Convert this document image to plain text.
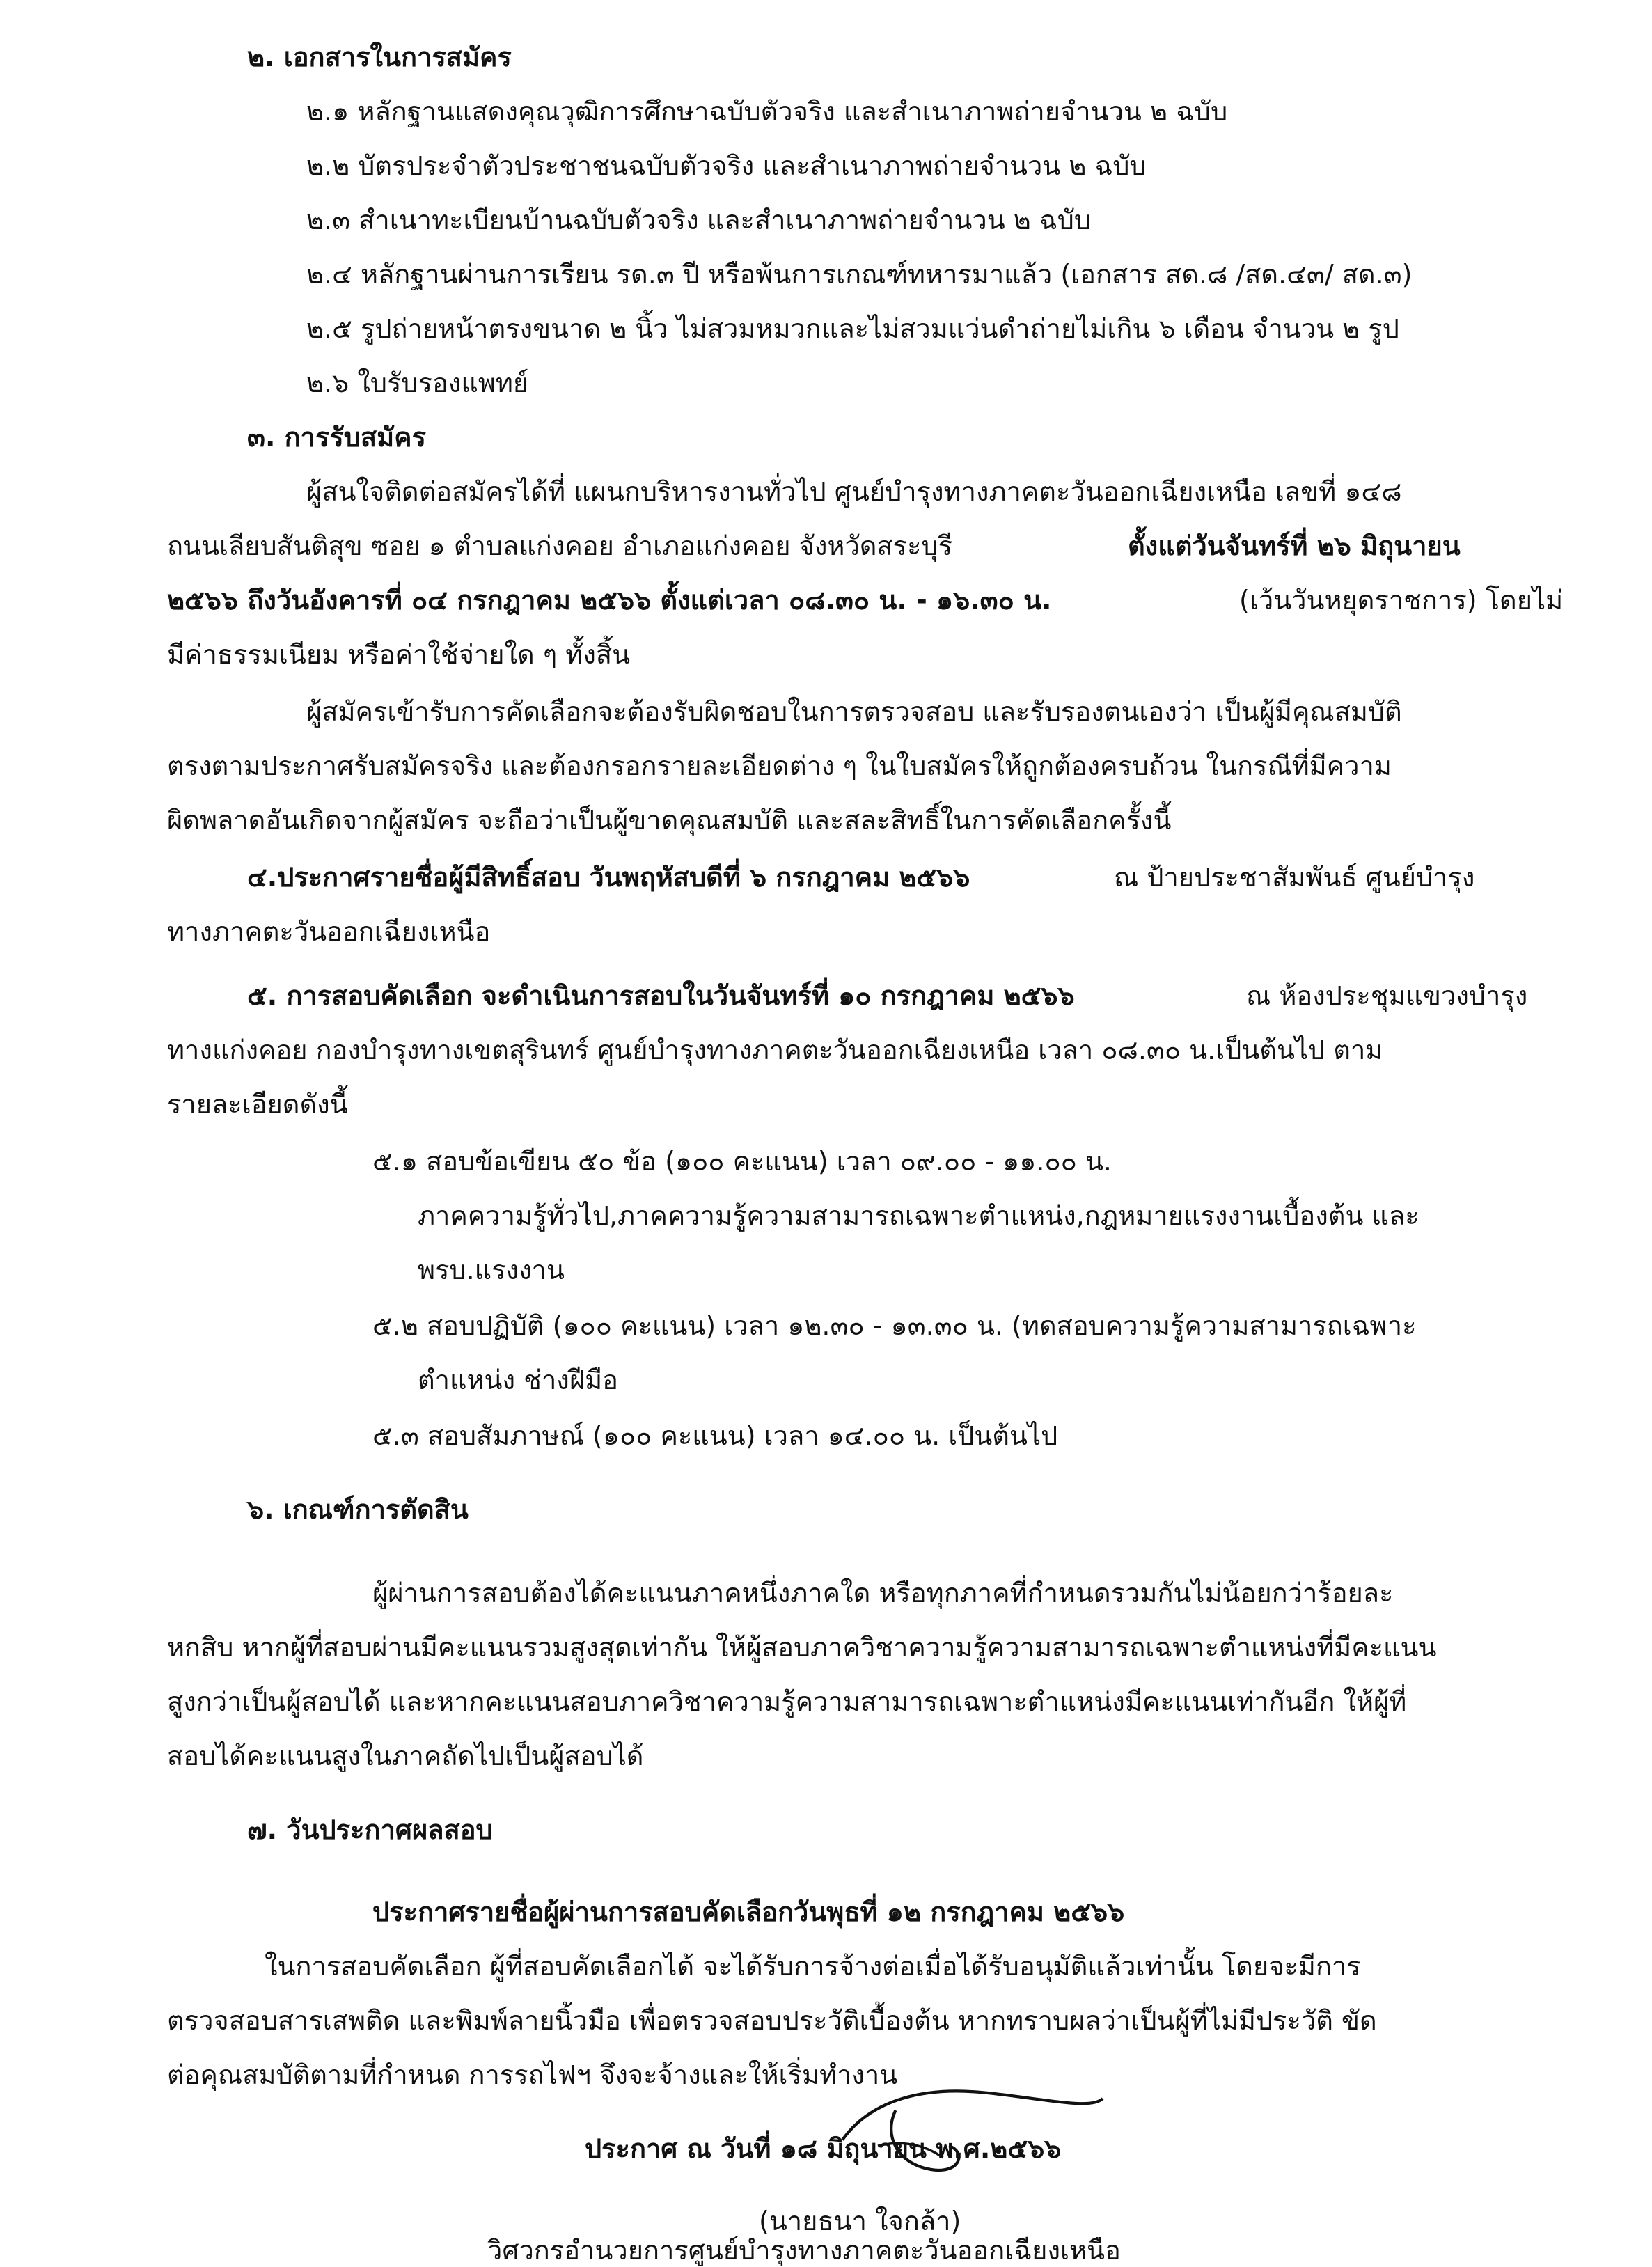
๒. เอกสารในการสมัคร
๒.๑ หลักฐานแสดงคุณวุฒิการศึกษาฉบับตัวจริง และสำเนาภาพถ่ายจำนวน ๒ ฉบับ
๒.๒ บัตรประจำตัวประชาชนฉบับตัวจริง และสำเนาภาพถ่ายจำนวน ๒ ฉบับ
๒.๓ สำเนาทะเบียนบ้านฉบับตัวจริง และสำเนาภาพถ่ายจำนวน ๒ ฉบับ
๒.๔ หลักฐานผ่านการเรียน รด.๓ ปี หรือพ้นการเกณฑ์ทหารมาแล้ว (เอกสาร สด.๘ /สด.๔๓/ สด.๓)
๒.๕ รูปถ่ายหน้าตรงขนาด ๒ นิ้ว ไม่สวมหมวกและไม่สวมแว่นดำถ่ายไม่เกิน ๖ เดือน จำนวน ๒ รูป
๒.๖ ใบรับรองแพทย์
๓. การรับสมัคร
ผู้สนใจติดต่อสมัครได้ที่ แผนกบริหารงานทั่วไป ศูนย์บำรุงทางภาคตะวันออกเฉียงเหนือ เลขที่ ๑๔๘
ถนนเลียบสันติสุข ซอย ๑ ตำบลแก่งคอย อำเภอแก่งคอย จังหวัดสระบุรี	ตั้งแต่วันจันทร์ที่ ๒๖ มิถุนายน
๒๕๖๖ ถึงวันอังคารที่ ๐๔ กรกฎาคม ๒๕๖๖ ตั้งแต่เวลา ๐๘.๓๐ น. - ๑๖.๓๐ น.	(เว้นวันหยุดราชการ) โดยไม่
มีค่าธรรมเนียม หรือค่าใช้จ่ายใด ๆ ทั้งสิ้น
ผู้สมัครเข้ารับการคัดเลือกจะต้องรับผิดชอบในการตรวจสอบ และรับรองตนเองว่า เป็นผู้มีคุณสมบัติ
ตรงตามประกาศรับสมัครจริง และต้องกรอกรายละเอียดต่าง ๆ ในใบสมัครให้ถูกต้องครบถ้วน ในกรณีที่มีความ
ผิดพลาดอันเกิดจากผู้สมัคร จะถือว่าเป็นผู้ขาดคุณสมบัติ และสละสิทธิ์ในการคัดเลือกครั้งนี้
๔.ประกาศรายชื่อผู้มีสิทธิ์สอบ วันพฤหัสบดีที่ ๖ กรกฎาคม ๒๕๖๖	ณ ป้ายประชาสัมพันธ์ ศูนย์บำรุง
ทางภาคตะวันออกเฉียงเหนือ
๕. การสอบคัดเลือก จะดำเนินการสอบในวันจันทร์ที่ ๑๐ กรกฎาคม ๒๕๖๖	ณ ห้องประชุมแขวงบำรุง
ทางแก่งคอย กองบำรุงทางเขตสุรินทร์ ศูนย์บำรุงทางภาคตะวันออกเฉียงเหนือ เวลา ๐๘.๓๐ น.เป็นต้นไป ตาม
รายละเอียดดังนี้
๕.๑ สอบข้อเขียน ๕๐ ข้อ (๑๐๐ คะแนน) เวลา ๐๙.๐๐ - ๑๑.๐๐ น.
ภาคความรู้ทั่วไป,ภาคความรู้ความสามารถเฉพาะตำแหน่ง,กฎหมายแรงงานเบื้องต้น และ
พรบ.แรงงาน
๕.๒ สอบปฏิบัติ (๑๐๐ คะแนน) เวลา ๑๒.๓๐ - ๑๓.๓๐ น. (ทดสอบความรู้ความสามารถเฉพาะ
ตำแหน่ง ช่างฝีมือ
๕.๓ สอบสัมภาษณ์ (๑๐๐ คะแนน) เวลา ๑๔.๐๐ น. เป็นต้นไป
๖. เกณฑ์การตัดสิน
ผู้ผ่านการสอบต้องได้คะแนนภาคหนึ่งภาคใด หรือทุกภาคที่กำหนดรวมกันไม่น้อยกว่าร้อยละ
หกสิบ หากผู้ที่สอบผ่านมีคะแนนรวมสูงสุดเท่ากัน ให้ผู้สอบภาควิชาความรู้ความสามารถเฉพาะตำแหน่งที่มีคะแนน
สูงกว่าเป็นผู้สอบได้ และหากคะแนนสอบภาควิชาความรู้ความสามารถเฉพาะตำแหน่งมีคะแนนเท่ากันอีก ให้ผู้ที่
สอบได้คะแนนสูงในภาคถัดไปเป็นผู้สอบได้
๗. วันประกาศผลสอบ
ประกาศรายชื่อผู้ผ่านการสอบคัดเลือกวันพุธที่ ๑๒ กรกฎาคม ๒๕๖๖
ในการสอบคัดเลือก ผู้ที่สอบคัดเลือกได้ จะได้รับการจ้างต่อเมื่อได้รับอนุมัติแล้วเท่านั้น โดยจะมีการ
ตรวจสอบสารเสพติด และพิมพ์ลายนิ้วมือ เพื่อตรวจสอบประวัติเบื้องต้น หากทราบผลว่าเป็นผู้ที่ไม่มีประวัติ ขัด
ต่อคุณสมบัติตามที่กำหนด การรถไฟฯ จึงจะจ้างและให้เริ่มทำงาน
ประกาศ ณ วันที่ ๑๘ มิถุนายน พ.ศ.๒๕๖๖
(นายธนา ใจกล้า)
วิศวกรอำนวยการศูนย์บำรุงทางภาคตะวันออกเฉียงเหนือ
